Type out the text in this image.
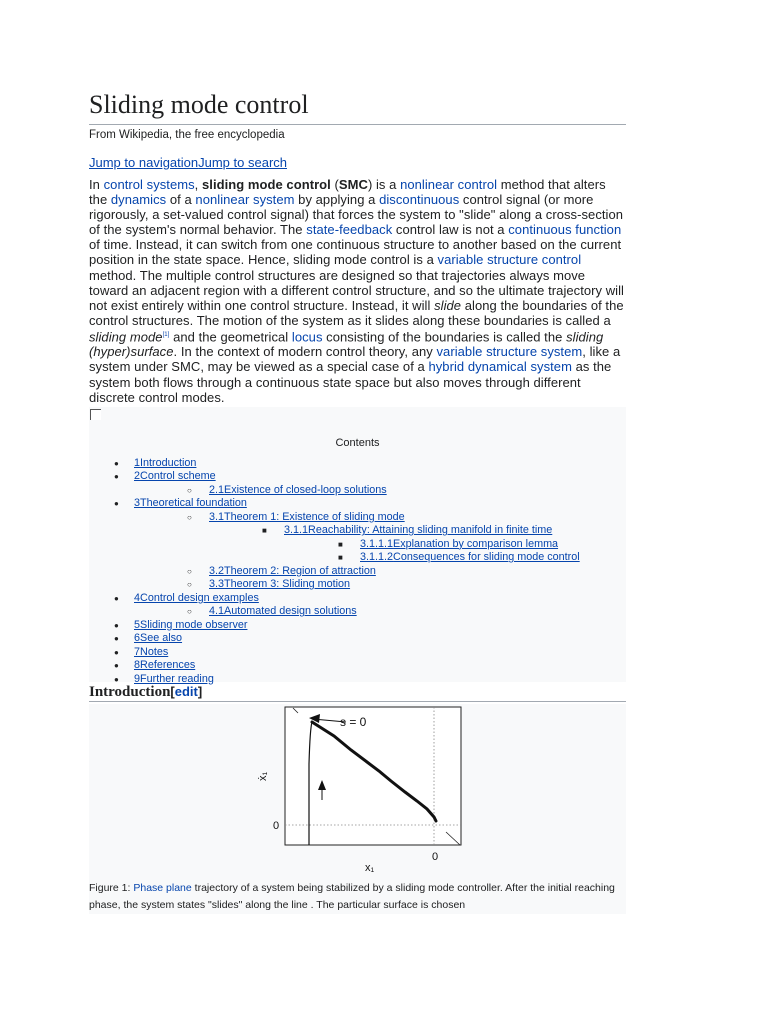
Sliding mode control
From Wikipedia, the free encyclopedia
Jump to navigationJump to search

In control systems, sliding mode control (SMC) is a nonlinear control method that alters the dynamics of a nonlinear system by applying a discontinuous control signal (or more rigorously, a set-valued control signal) that forces the system to "slide" along a cross-section of the system's normal behavior. The state-feedback control law is not a continuous function of time. Instead, it can switch from one continuous structure to another based on the current position in the state space. Hence, sliding mode control is a variable structure control method. The multiple control structures are designed so that trajectories always move toward an adjacent region with a different control structure, and so the ultimate trajectory will not exist entirely within one control structure. Instead, it will slide along the boundaries of the control structures. The motion of the system as it slides along these boundaries is called a sliding mode[1] and the geometrical locus consisting of the boundaries is called the sliding (hyper)surface. In the context of modern control theory, any variable structure system, like a system under SMC, may be viewed as a special case of a hybrid dynamical system as the system both flows through a continuous state space but also moves through different discrete control modes.

Contents
● 1Introduction
● 2Control scheme
○ 2.1Existence of closed-loop solutions
● 3Theoretical foundation
○ 3.1Theorem 1: Existence of sliding mode
■ 3.1.1Reachability: Attaining sliding manifold in finite time
■ 3.1.1.1Explanation by comparison lemma
■ 3.1.1.2Consequences for sliding mode control
○ 3.2Theorem 2: Region of attraction
○ 3.3Theorem 3: Sliding motion
● 4Control design examples
○ 4.1Automated design solutions
● 5Sliding mode observer
● 6See also
● 7Notes
● 8References
● 9Further reading
Introduction[edit]
s = 0
ẋ₁
0
0
x₁
Figure 1: Phase plane trajectory of a system being stabilized by a sliding mode controller. After the initial reaching phase, the system states "slides" along the line . The particular surface is chosen
